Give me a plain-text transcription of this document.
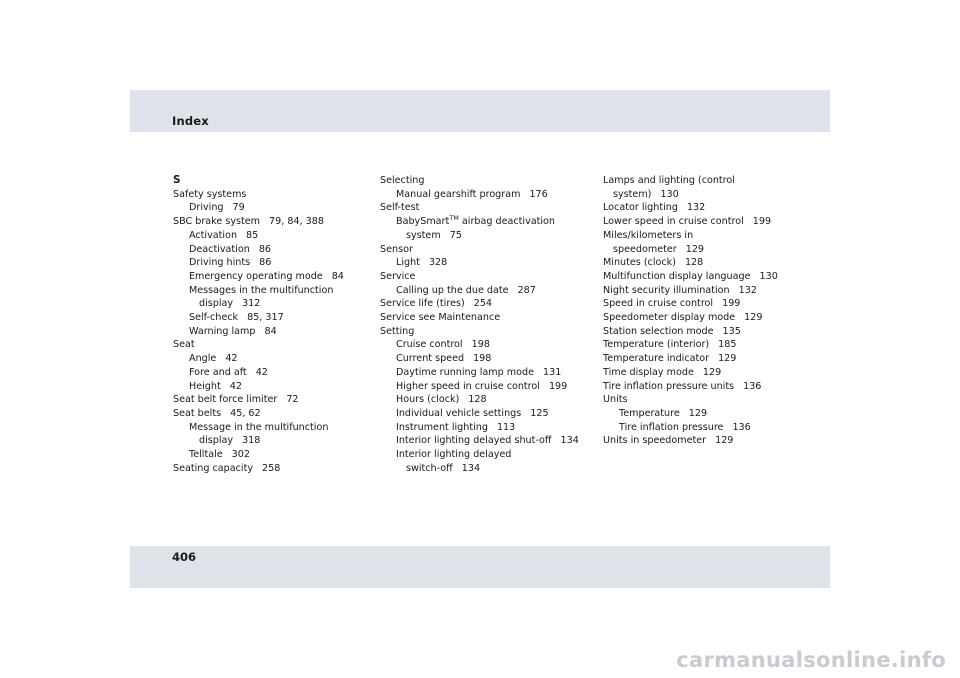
Index
S
Safety systems
Driving 79
SBC brake system 79, 84, 388
Activation 85
Deactivation 86
Driving hints 86
Emergency operating mode 84
Messages in the multifunction
display 312
Self-check 85, 317
Warning lamp 84
Seat
Angle 42
Fore and aft 42
Height 42
Seat belt force limiter 72
Seat belts 45, 62
Message in the multifunction
display 318
Telltale 302
Seating capacity 258
Selecting
Manual gearshift program 176
Self-test
BabySmart™ airbag deactivation
system 75
Sensor
Light 328
Service
Calling up the due date 287
Service life (tires) 254
Service see Maintenance
Setting
Cruise control 198
Current speed 198
Daytime running lamp mode 131
Higher speed in cruise control 199
Hours (clock) 128
Individual vehicle settings 125
Instrument lighting 113
Interior lighting delayed shut-off 134
Interior lighting delayed
switch-off 134
Lamps and lighting (control
system) 130
Locator lighting 132
Lower speed in cruise control 199
Miles/kilometers in
speedometer 129
Minutes (clock) 128
Multifunction display language 130
Night security illumination 132
Speed in cruise control 199
Speedometer display mode 129
Station selection mode 135
Temperature (interior) 185
Temperature indicator 129
Time display mode 129
Tire inflation pressure units 136
Units
Temperature 129
Tire inflation pressure 136
Units in speedometer 129
406
carmanualsonline.info
